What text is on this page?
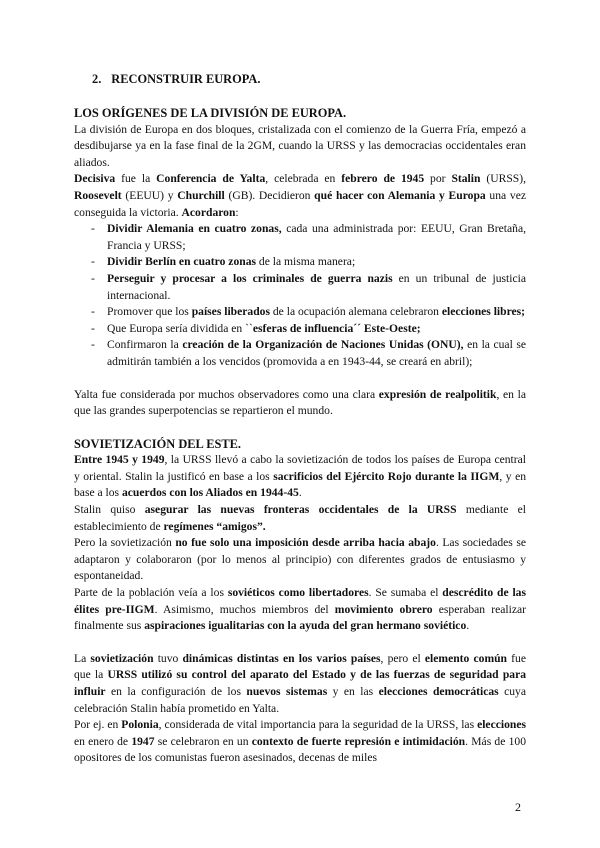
2. RECONSTRUIR EUROPA.
LOS ORÍGENES DE LA DIVISIÓN DE EUROPA.

La división de Europa en dos bloques, cristalizada con el comienzo de la Guerra Fría, empezó a desdibujarse ya en la fase final de la 2GM, cuando la URSS y las democracias occidentales eran aliados.

Decisiva fue la Conferencia de Yalta, celebrada en febrero de 1945 por Stalin (URSS), Roosevelt (EEUU) y Churchill (GB). Decidieron qué hacer con Alemania y Europa una vez conseguida la victoria. Acordaron:

- Dividir Alemania en cuatro zonas, cada una administrada por: EEUU, Gran Bretaña, Francia y URSS;
- Dividir Berlín en cuatro zonas de la misma manera;
- Perseguir y procesar a los criminales de guerra nazis en un tribunal de justicia internacional.
- Promover que los países liberados de la ocupación alemana celebraron elecciones libres;
- Que Europa sería dividida en ``esferas de influencia´´ Este-Oeste;
- Confirmaron la creación de la Organización de Naciones Unidas (ONU), en la cual se admitirán también a los vencidos (promovida a en 1943-44, se creará en abril);

Yalta fue considerada por muchos observadores como una clara expresión de realpolitik, en la que las grandes superpotencias se repartieron el mundo.

SOVIETIZACIÓN DEL ESTE.

Entre 1945 y 1949, la URSS llevó a cabo la sovietización de todos los países de Europa central y oriental. Stalin la justificó en base a los sacrificios del Ejército Rojo durante la IIGM, y en base a los acuerdos con los Aliados en 1944-45.

Stalin quiso asegurar las nuevas fronteras occidentales de la URSS mediante el establecimiento de regímenes “amigos”.

Pero la sovietización no fue solo una imposición desde arriba hacia abajo. Las sociedades se adaptaron y colaboraron (por lo menos al principio) con diferentes grados de entusiasmo y espontaneidad.

Parte de la población veía a los soviéticos como libertadores. Se sumaba el descrédito de las élites pre-IIGM. Asimismo, muchos miembros del movimiento obrero esperaban realizar finalmente sus aspiraciones igualitarias con la ayuda del gran hermano soviético.

La sovietización tuvo dinámicas distintas en los varios países, pero el elemento común fue que la URSS utilizó su control del aparato del Estado y de las fuerzas de seguridad para influir en la configuración de los nuevos sistemas y en las elecciones democráticas cuya celebración Stalin había prometido en Yalta.

Por ej. en Polonia, considerada de vital importancia para la seguridad de la URSS, las elecciones en enero de 1947 se celebraron en un contexto de fuerte represión e intimidación. Más de 100 opositores de los comunistas fueron asesinados, decenas de miles

2
